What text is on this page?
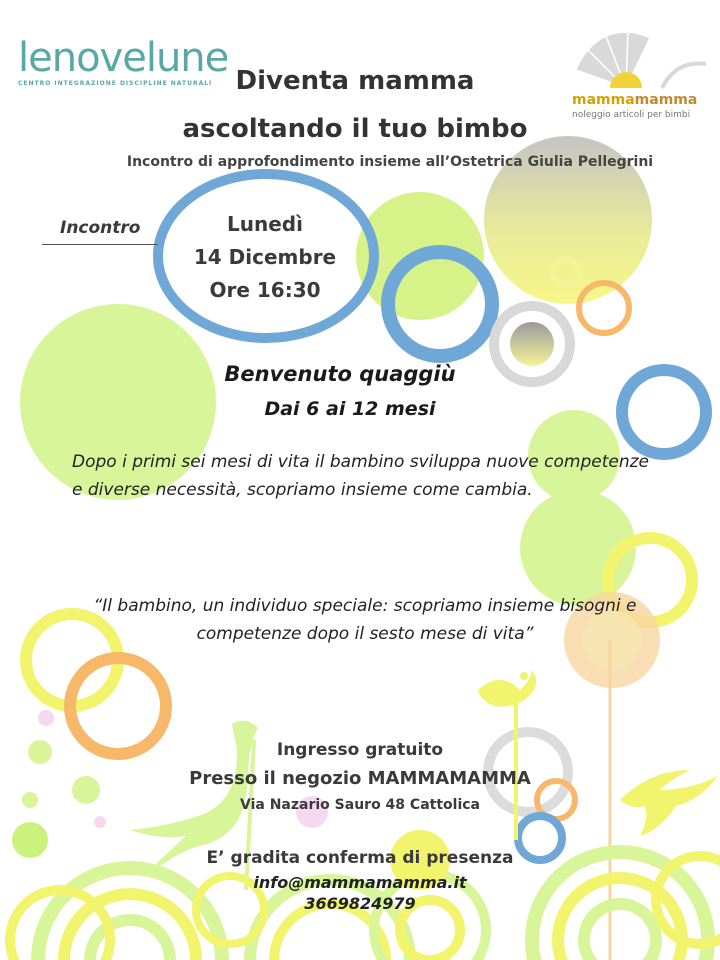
lenovelune
CENTRO INTEGRAZIONE DISCIPLINE NATURALI
mammamamma
noleggio articoli per bimbi
Diventa mamma
ascoltando il tuo bimbo
Incontro di approfondimento insieme all’Ostetrica Giulia Pellegrini
Incontro	Lunedì
14 Dicembre
Ore 16:30
Benvenuto quaggiù
Dai 6 ai 12 mesi
Dopo i primi sei mesi di vita il bambino sviluppa nuove competenze e diverse necessità, scopriamo insieme come cambia.
“Il bambino, un individuo speciale: scopriamo insieme bisogni e competenze dopo il sesto mese di vita”
Ingresso gratuito
Presso il negozio MAMMAMAMMA
Via Nazario Sauro 48 Cattolica
E’ gradita conferma di presenza
info@mammamamma.it
3669824979
